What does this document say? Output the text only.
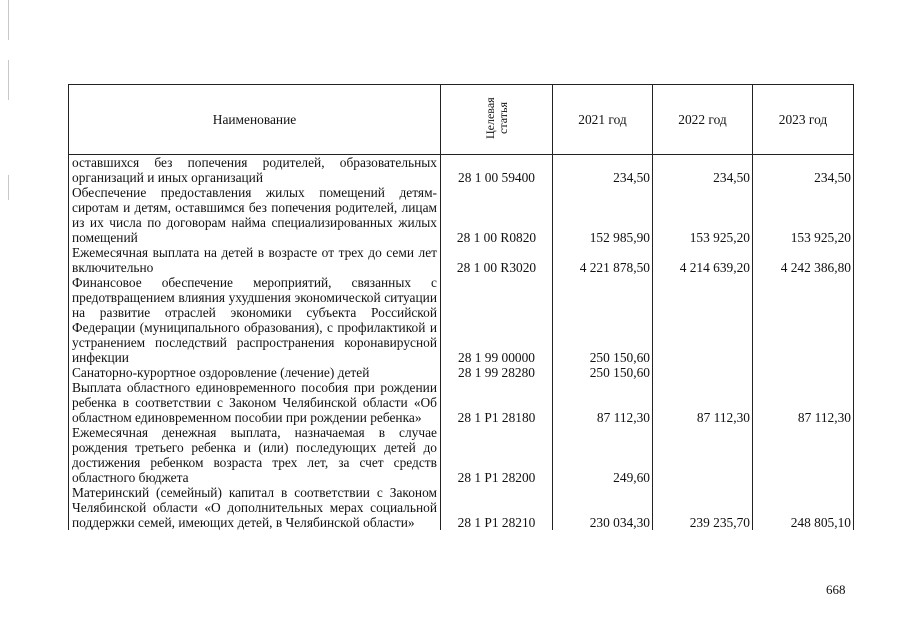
Наименование	Целевая статья	2021 год	2022 год	2023 год
оставшихся без попечения родителей, образовательных организаций и иных организаций	28 1 00 59400	234,50	234,50	234,50
Обеспечение предоставления жилых помещений детям-сиротам и детям, оставшимся без попечения родителей, лицам из их числа по договорам найма специализированных жилых помещений	28 1 00 R0820	152 985,90	153 925,20	153 925,20
Ежемесячная выплата на детей в возрасте от трех до семи лет включительно	28 1 00 R3020	4 221 878,50	4 214 639,20	4 242 386,80
Финансовое обеспечение мероприятий, связанных с предотвращением влияния ухудшения экономической ситуации на развитие отраслей экономики субъекта Российской Федерации (муниципального образования), с профилактикой и устранением последствий распространения коронавирусной инфекции	28 1 99 00000	250 150,60		
Санаторно-курортное оздоровление (лечение) детей	28 1 99 28280	250 150,60		
Выплата областного единовременного пособия при рождении ребенка в соответствии с Законом Челябинской области «Об областном единовременном пособии при рождении ребенка»	28 1 P1 28180	87 112,30	87 112,30	87 112,30
Ежемесячная денежная выплата, назначаемая в случае рождения третьего ребенка и (или) последующих детей до достижения ребенком возраста трех лет, за счет средств областного бюджета	28 1 P1 28200	249,60		
Материнский (семейный) капитал в соответствии с Законом Челябинской области «О дополнительных мерах социальной поддержки семей, имеющих детей, в Челябинской области»	28 1 P1 28210	230 034,30	239 235,70	248 805,10
668
